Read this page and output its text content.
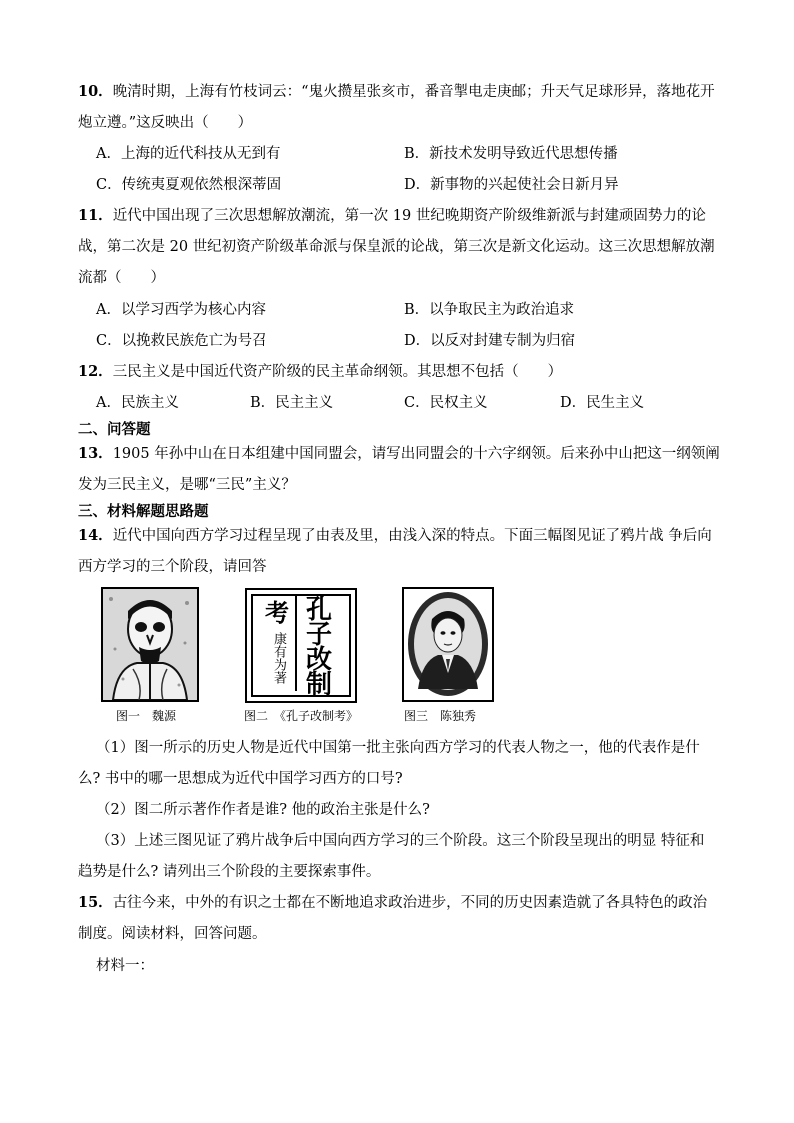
10．晚清时期，上海有竹枝词云：“鬼火攒星张亥市，番音掣电走庚邮；升天气足球形异，落地花开
炮立遵。”这反映出（　　）
A．上海的近代科技从无到有	B．新技术发明导致近代思想传播
C．传统夷夏观依然根深蒂固	D．新事物的兴起使社会日新月异
11．近代中国出现了三次思想解放潮流，第一次 19 世纪晚期资产阶级维新派与封建顽固势力的论
战，第二次是 20 世纪初资产阶级革命派与保皇派的论战，第三次是新文化运动。这三次思想解放潮
流都（　　）
A．以学习西学为核心内容	B．以争取民主为政治追求
C．以挽救民族危亡为号召	D．以反对封建专制为归宿
12．三民主义是中国近代资产阶级的民主革命纲领。其思想不包括（　　）
A．民族主义	B．民主主义	C．民权主义	D．民生主义
二、问答题
13．1905 年孙中山在日本组建中国同盟会，请写出同盟会的十六字纲领。后来孙中山把这一纲领阐
发为三民主义，是哪“三民”主义？
三、材料解题思路题
14．近代中国向西方学习过程呈现了由表及里，由浅入深的特点。下面三幅图见证了鸦片战 争后向
西方学习的三个阶段，请回答
考 孔
子
改
制
康有为著
图一　魏源	图二　《孔子改制考》	图三　陈独秀
（1）图一所示的历史人物是近代中国第一批主张向西方学习的代表人物之一，他的代表作是什
么? 书中的哪一思想成为近代中国学习西方的口号?
（2）图二所示著作作者是谁? 他的政治主张是什么?
（3）上述三图见证了鸦片战争后中国向西方学习的三个阶段。这三个阶段呈现出的明显 特征和
趋势是什么? 请列出三个阶段的主要探索事件。
15．古往今来，中外的有识之士都在不断地追求政治进步，不同的历史因素造就了各具特色的政治
制度。阅读材料，回答问题。
材料一：
